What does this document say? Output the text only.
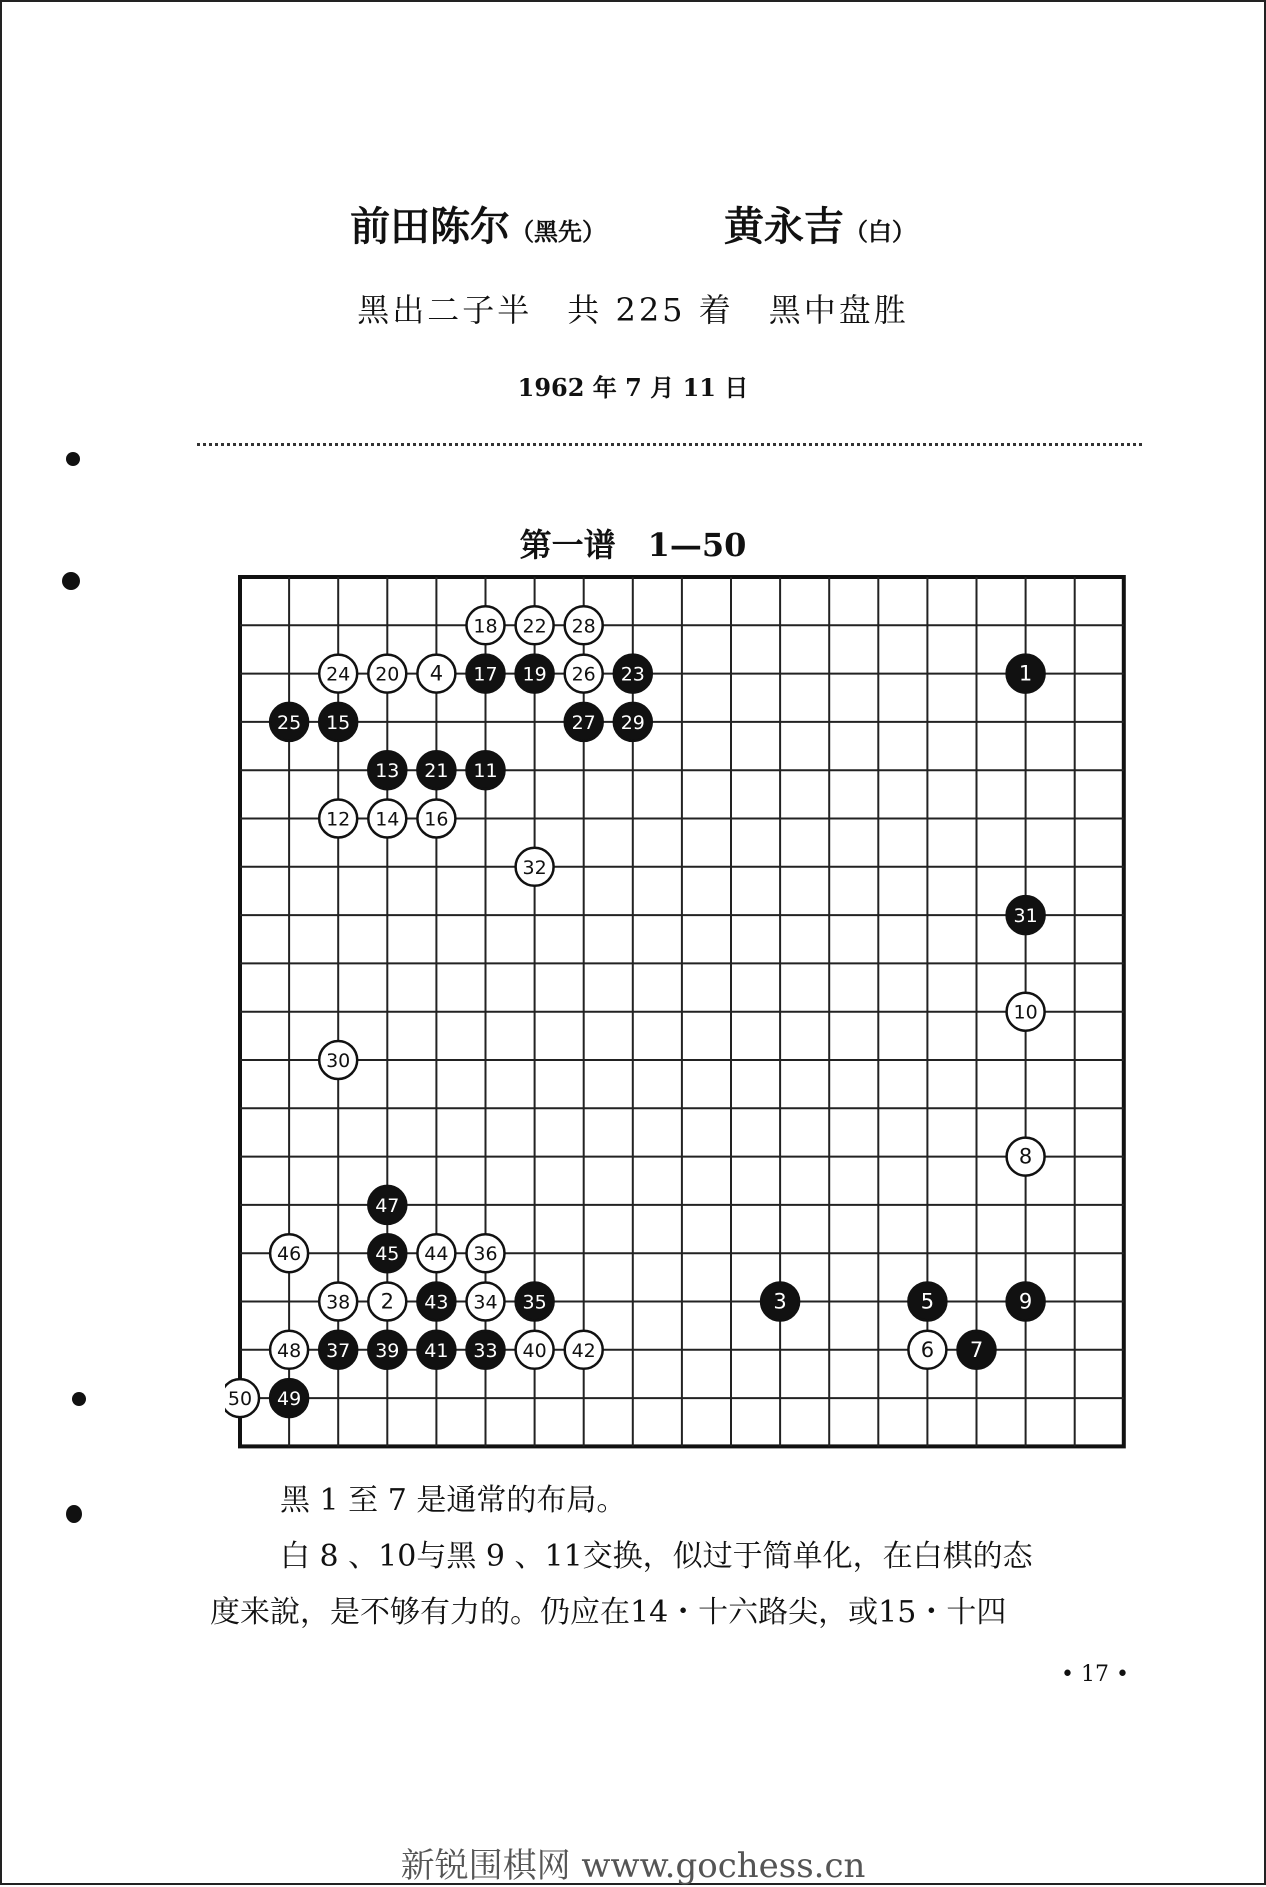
前田陈尔（黑先）	黄永吉（白）
黑出二子半　共 225 着　黑中盘胜
1962 年 7 月 11 日
第一谱　1—50
1
2	3
4
5
6 7
8
9
10
11
12
13
14
15
16
17
18
19
20
21
22
23
24
25
26
27
28
29
30
31
32
33
34 35
36
37
38
39	40
41	42
43
44
45
46
47
48
49
50
黑 1 至 7 是通常的布局。
白 8 、10与黑 9 、11交换，似过于简单化，在白棋的态
度来說，是不够有力的。仍应在14・十六路尖，或15・十四
• 17 •
新锐围棋网 www.gochess.cn
